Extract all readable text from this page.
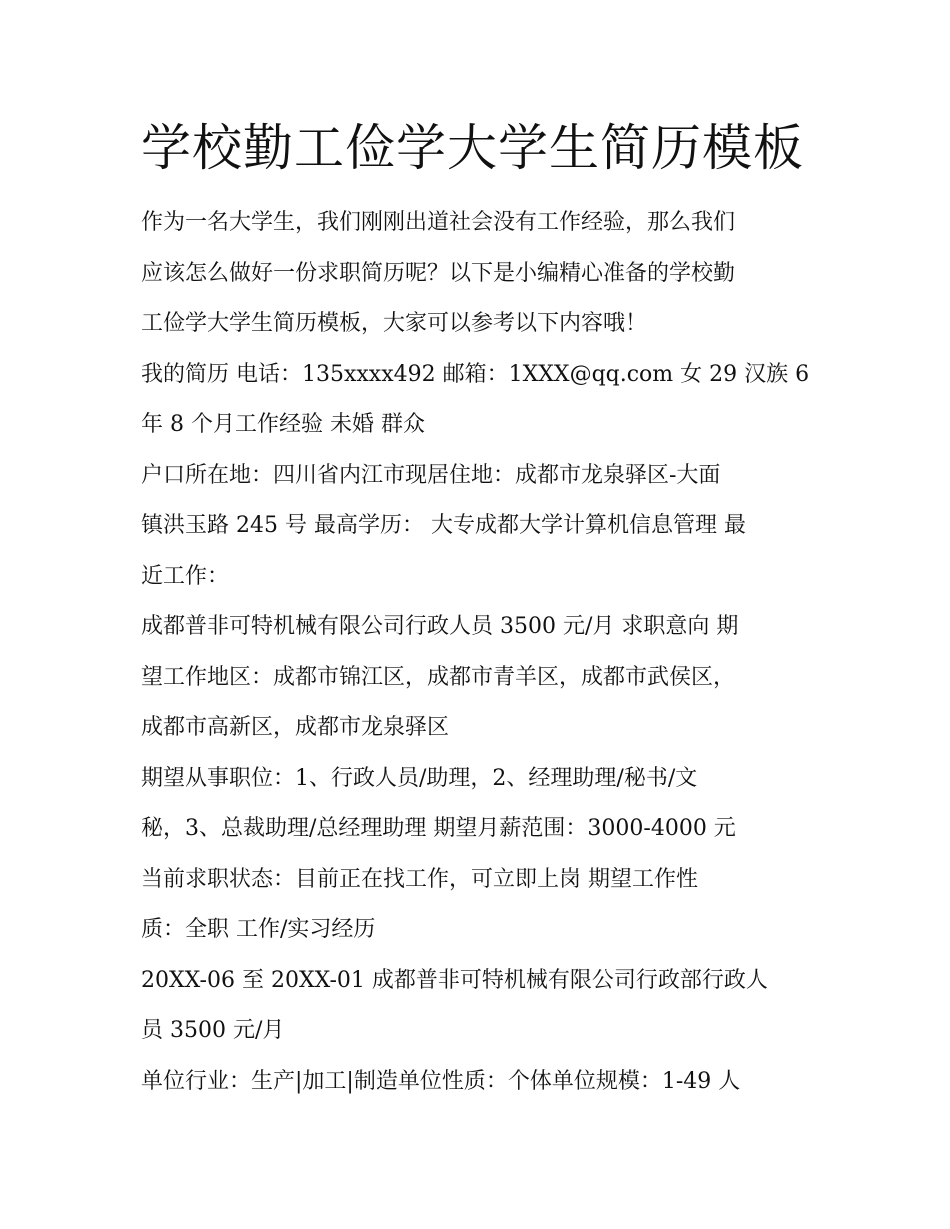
学校勤工俭学大学生简历模板

作为一名大学生，我们刚刚出道社会没有工作经验，那么我们

应该怎么做好一份求职简历呢？以下是小编精心准备的学校勤

工俭学大学生简历模板，大家可以参考以下内容哦！

我的简历 电话：135xxxx492 邮箱：1XXX@qq.com 女 29 汉族 6

年 8 个月工作经验 未婚 群众

户口所在地：四川省内江市现居住地：成都市龙泉驿区-大面

镇洪玉路 245 号 最高学历： 大专成都大学计算机信息管理 最

近工作：

成都普非可特机械有限公司行政人员 3500 元/月 求职意向 期

望工作地区：成都市锦江区，成都市青羊区，成都市武侯区，

成都市高新区，成都市龙泉驿区

期望从事职位：1、行政人员/助理，2、经理助理/秘书/文

秘，3、总裁助理/总经理助理 期望月薪范围：3000-4000 元

当前求职状态：目前正在找工作，可立即上岗 期望工作性

质：全职 工作/实习经历

20XX-06 至 20XX-01 成都普非可特机械有限公司行政部行政人

员 3500 元/月

单位行业：生产|加工|制造单位性质：个体单位规模：1-49 人
